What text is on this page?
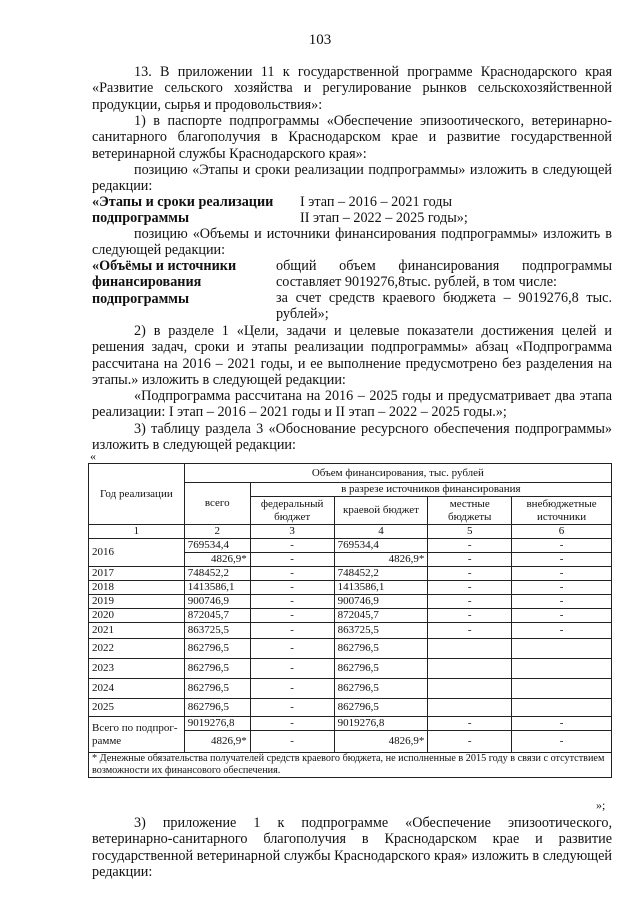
103

13. В приложении 11 к государственной программе Краснодарского края «Развитие сельского хозяйства и регулирование рынков сельскохозяйственной продукции, сырья и продовольствия»:

1) в паспорте подпрограммы «Обеспечение эпизоотического, ветеринарно-санитарного благополучия в Краснодарском крае и развитие государственной ветеринарной службы Краснодарского края»:

позицию «Этапы и сроки реализации подпрограммы» изложить в следующей редакции:

«Этапы и сроки реализации подпрограммы
I этап – 2016 – 2021 годы
II этап – 2022 – 2025 годы»;

позицию «Объемы и источники финансирования подпрограммы» изложить в следующей редакции:

«Объёмы и источники финансирования подпрограммы
общий объем финансирования подпрограммы составляет 9019276,8тыс. рублей, в том числе:
за счет средств краевого бюджета – 9019276,8 тыс. рублей»;

2) в разделе 1 «Цели, задачи и целевые показатели достижения целей и решения задач, сроки и этапы реализации подпрограммы» абзац «Подпрограмма рассчитана на 2016 – 2021 годы, и ее выполнение предусмотрено без разделения на этапы.» изложить в следующей редакции:

«Подпрограмма рассчитана на 2016 – 2025 годы и предусматривает два этапа реализации: I этап – 2016 – 2021 годы и II этап – 2022 – 2025 годы.»;

3) таблицу раздела 3 «Обоснование ресурсного обеспечения подпрограммы» изложить в следующей редакции:

«
Год реализации	Объем финансирования, тыс. рублей				
	всего	в разрезе источников финансирования			
		федеральный бюджет	краевой бюджет	местные бюджеты	внебюджетные источники
1	2	3	4	5	6
2016	769534,4	-	769534,4	-	-
	4826,9*	-	4826,9*	-	-
2017	748452,2	-	748452,2	-	-
2018	1413586,1	-	1413586,1	-	-
2019	900746,9	-	900746,9	-	-
2020	872045,7	-	872045,7	-	-
2021	863725,5	-	863725,5	-	-
2022	862796,5	-	862796,5		
2023	862796,5	-	862796,5		
2024	862796,5	-	862796,5		
2025	862796,5	-	862796,5		
Всего по подпрог-рамме	9019276,8	-	9019276,8	-	-
	4826,9*	-	4826,9*	-	-
* Денежные обязательства получателей средств краевого бюджета, не исполненные в 2015 году в связи с отсутствием возможности их финансового обеспечения.					
»;

3) приложение 1 к подпрограмме «Обеспечение эпизоотического, ветеринарно-санитарного благополучия в Краснодарском крае и развитие государственной ветеринарной службы Краснодарского края» изложить в следующей редакции:
